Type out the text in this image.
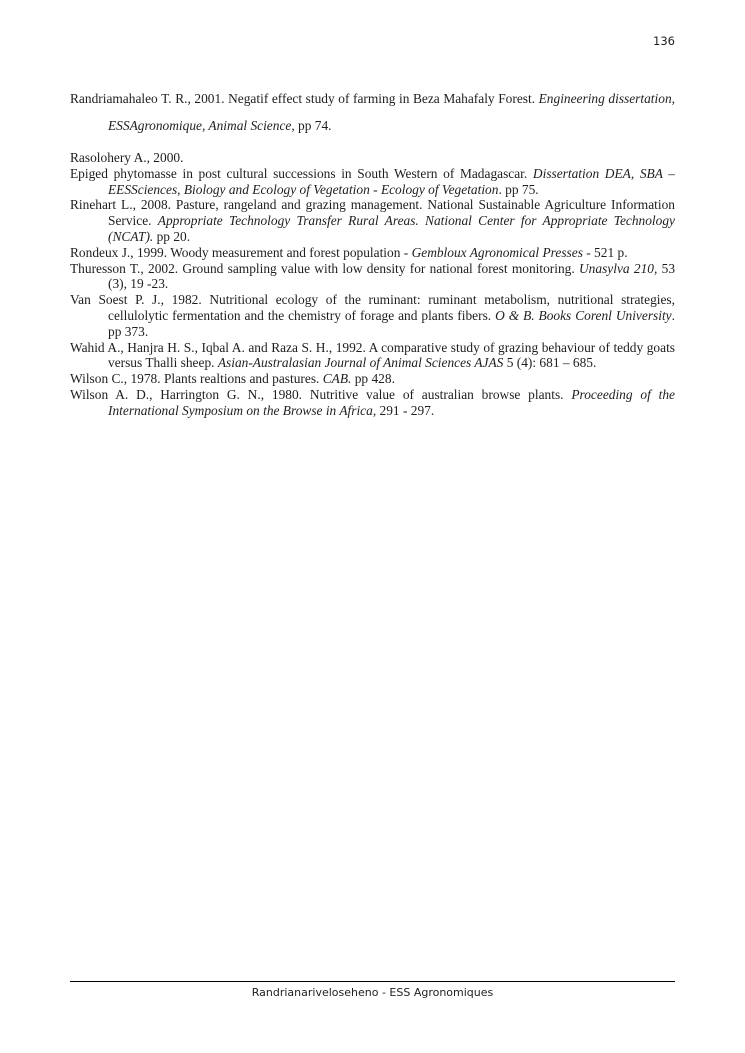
136

Randriamahaleo T. R., 2001. Negatif effect study of farming in Beza Mahafaly Forest. Engineering dissertation, ESSAgronomique, Animal Science, pp 74.

Rasolohery A., 2000.

Epiged phytomasse in post cultural successions in South Western of Madagascar. Dissertation DEA, SBA – EESSciences, Biology and Ecology of Vegetation - Ecology of Vegetation. pp 75.

Rinehart L., 2008. Pasture, rangeland and grazing management. National Sustainable Agriculture Information Service. Appropriate Technology Transfer Rural Areas. National Center for Appropriate Technology (NCAT). pp 20.

Rondeux J., 1999. Woody measurement and forest population - Gembloux Agronomical Presses - 521 p.

Thuresson T., 2002. Ground sampling value with low density for national forest monitoring. Unasylva 210, 53 (3), 19 -23.

Van Soest P. J., 1982. Nutritional ecology of the ruminant: ruminant metabolism, nutritional strategies, cellulolytic fermentation and the chemistry of forage and plants fibers. O & B. Books Corenl University. pp 373.

Wahid A., Hanjra H. S., Iqbal A. and Raza S. H., 1992. A comparative study of grazing behaviour of teddy goats versus Thalli sheep. Asian-Australasian Journal of Animal Sciences AJAS 5 (4): 681 – 685.

Wilson C., 1978. Plants realtions and pastures. CAB. pp 428.

Wilson A. D., Harrington G. N., 1980. Nutritive value of australian browse plants. Proceeding of the International Symposium on the Browse in Africa, 291 - 297.

Randrianariveloseheno - ESS Agronomiques
